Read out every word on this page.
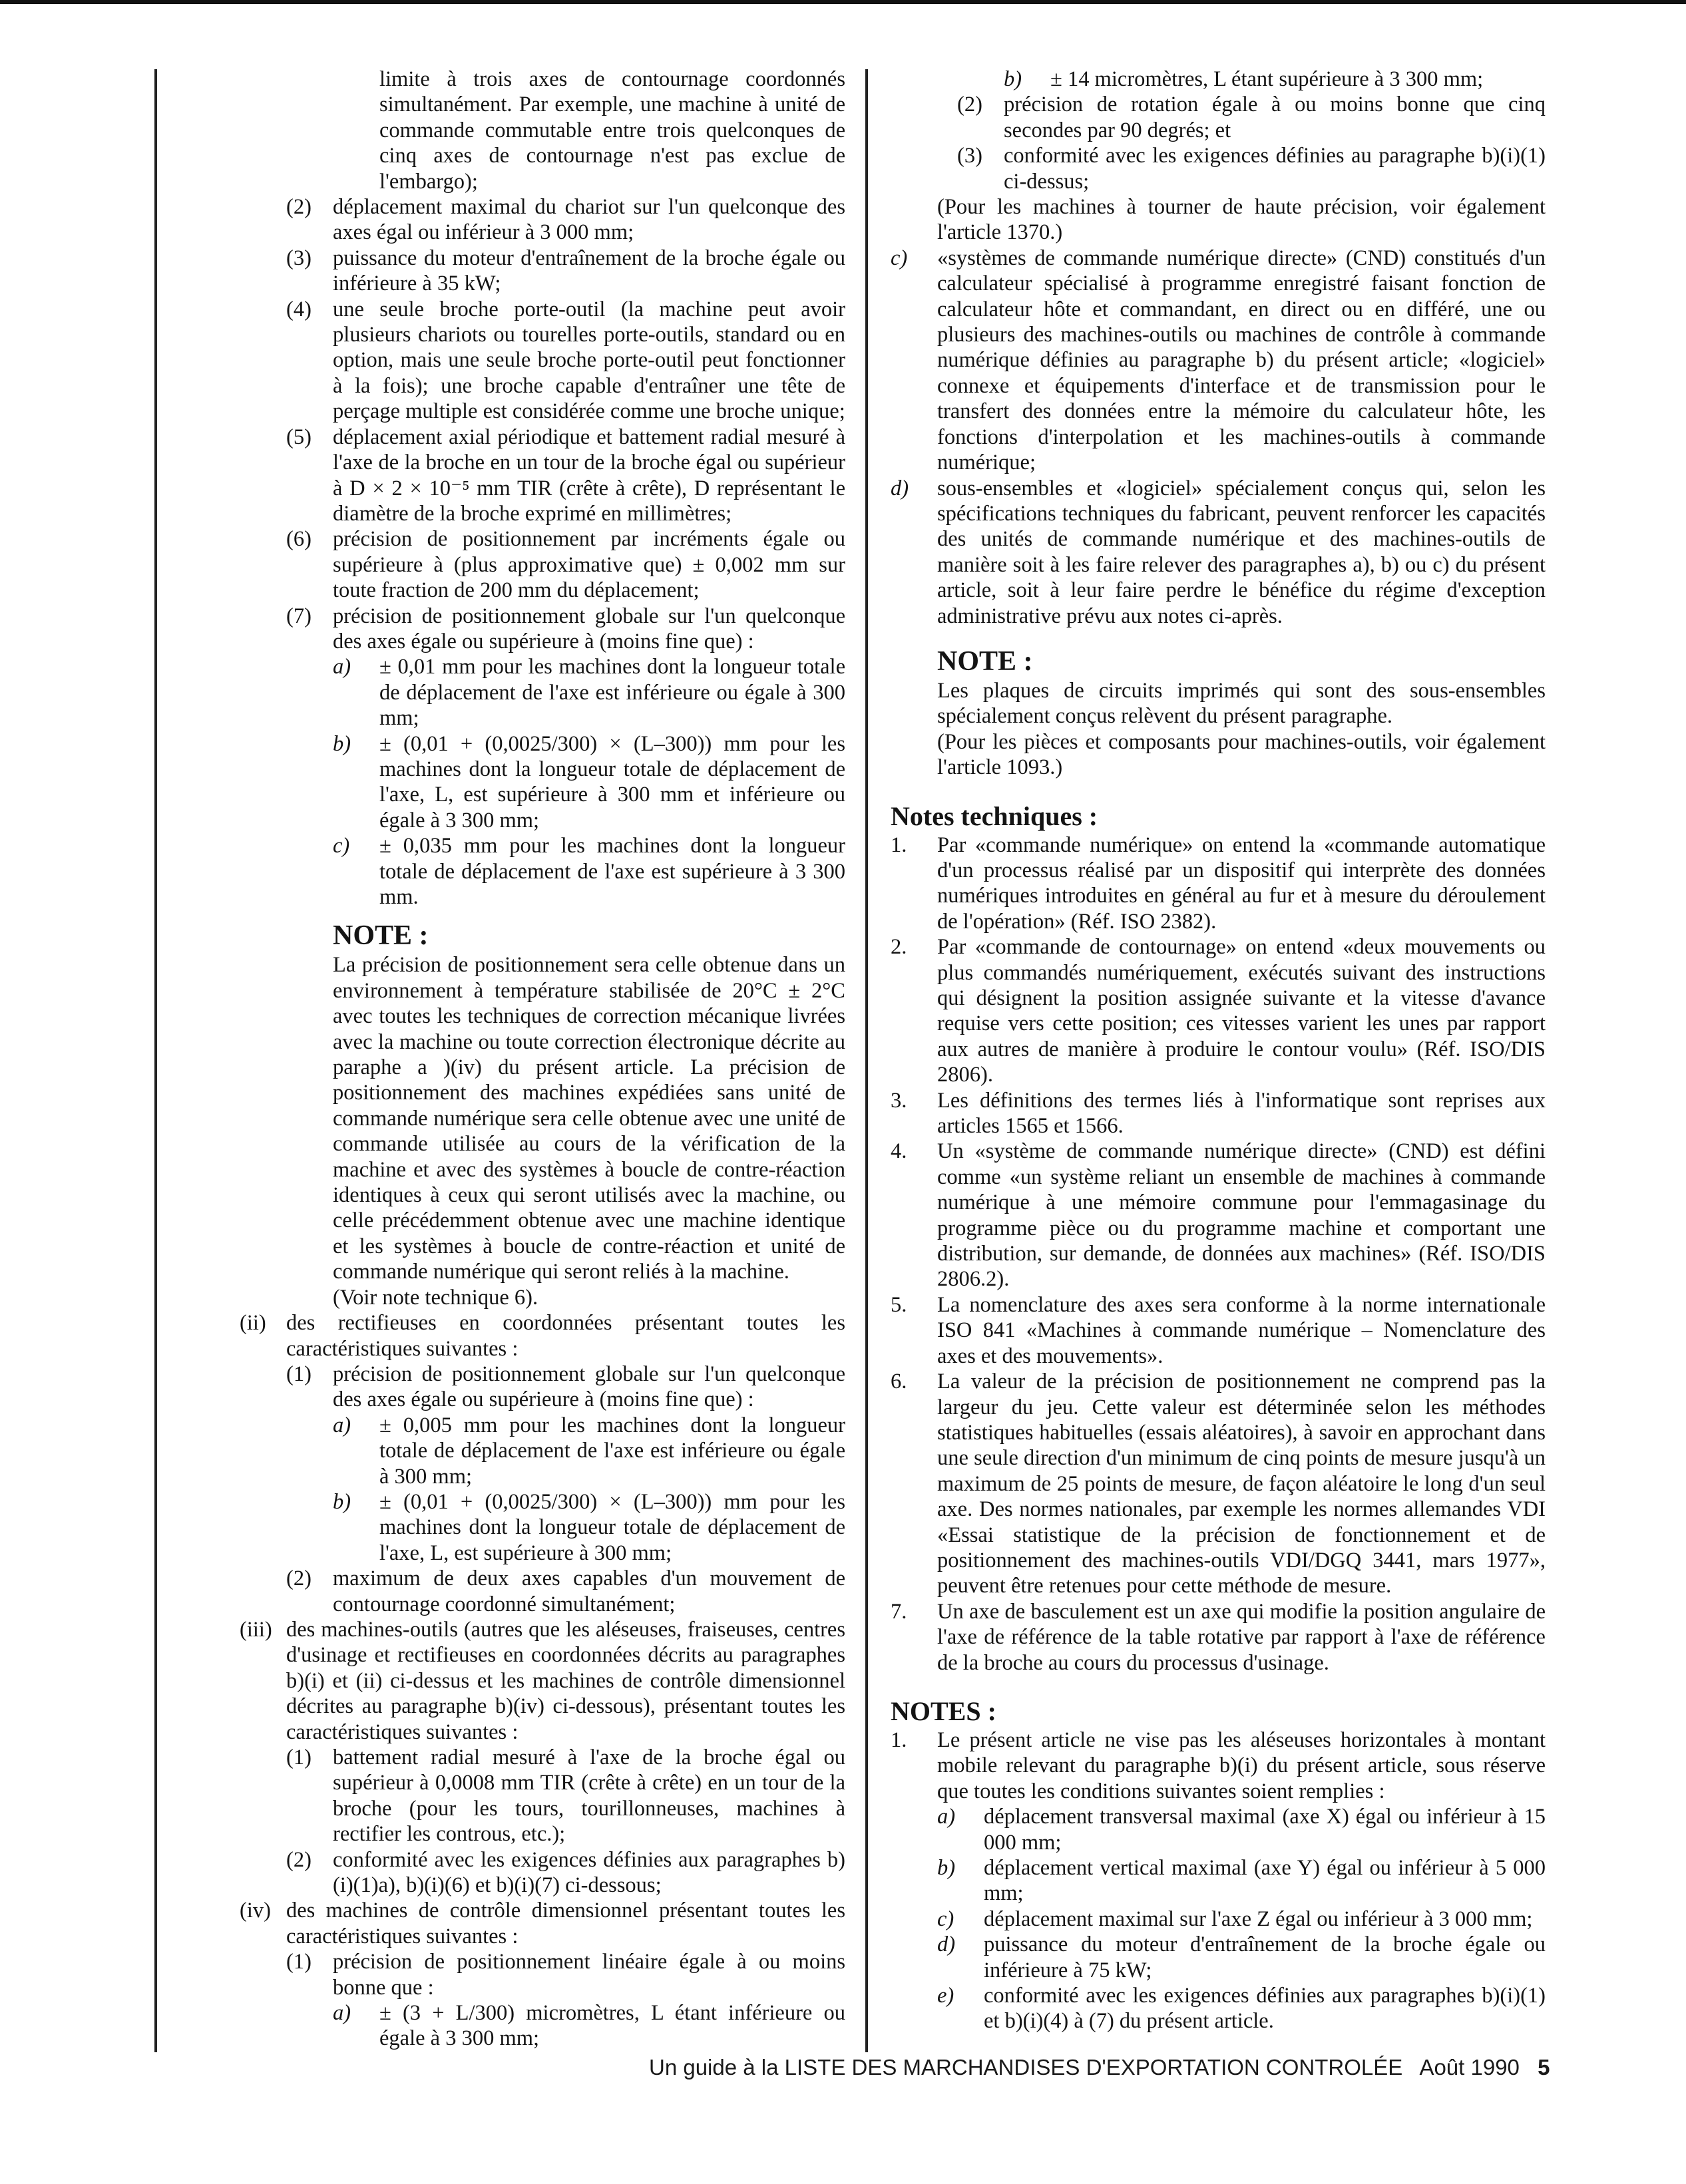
limite à trois axes de contournage coordonnés simultanément. Par exemple, une machine à unité de commande commutable entre trois quelconques de cinq axes de contournage n'est pas exclue de l'embargo);
(2) déplacement maximal du chariot sur l'un quelconque des axes égal ou inférieur à 3 000 mm;
(3) puissance du moteur d'entraînement de la broche égale ou inférieure à 35 kW;
(4) une seule broche porte-outil (la machine peut avoir plusieurs chariots ou tourelles porte-outils, standard ou en option, mais une seule broche porte-outil peut fonctionner à la fois); une broche capable d'entraîner une tête de perçage multiple est considérée comme une broche unique;
(5) déplacement axial périodique et battement radial mesuré à l'axe de la broche en un tour de la broche égal ou supérieur à D × 2 × 10⁻⁵ mm TIR (crête à crête), D représentant le diamètre de la broche exprimé en millimètres;
(6) précision de positionnement par incréments égale ou supérieure à (plus approximative que) ± 0,002 mm sur toute fraction de 200 mm du déplacement;
(7) précision de positionnement globale sur l'un quelconque des axes égale ou supérieure à (moins fine que) :
a) ± 0,01 mm pour les machines dont la longueur totale de déplacement de l'axe est inférieure ou égale à 300 mm;
b) ± (0,01 + (0,0025/300) × (L–300)) mm pour les machines dont la longueur totale de déplacement de l'axe, L, est supérieure à 300 mm et inférieure ou égale à 3 300 mm;
c) ± 0,035 mm pour les machines dont la longueur totale de déplacement de l'axe est supérieure à 3 300 mm.
NOTE :
La précision de positionnement sera celle obtenue dans un environnement à température stabilisée de 20°C ± 2°C avec toutes les techniques de correction mécanique livrées avec la machine ou toute correction électronique décrite au paraphe a )(iv) du présent article. La précision de positionnement des machines expédiées sans unité de commande numérique sera celle obtenue avec une unité de commande utilisée au cours de la vérification de la machine et avec des systèmes à boucle de contre-réaction identiques à ceux qui seront utilisés avec la machine, ou celle précédemment obtenue avec une machine identique et les systèmes à boucle de contre-réaction et unité de commande numérique qui seront reliés à la machine.
(Voir note technique 6).
(ii) des rectifieuses en coordonnées présentant toutes les caractéristiques suivantes :
(1) précision de positionnement globale sur l'un quelconque des axes égale ou supérieure à (moins fine que) :
a) ± 0,005 mm pour les machines dont la longueur totale de déplacement de l'axe est inférieure ou égale à 300 mm;
b) ± (0,01 + (0,0025/300) × (L–300)) mm pour les machines dont la longueur totale de déplacement de l'axe, L, est supérieure à 300 mm;
(2) maximum de deux axes capables d'un mouvement de contournage coordonné simultanément;
(iii) des machines-outils (autres que les aléseuses, fraiseuses, centres d'usinage et rectifieuses en coordonnées décrits au paragraphes b)(i) et (ii) ci-dessus et les machines de contrôle dimensionnel décrites au paragraphe b)(iv) ci-dessous), présentant toutes les caractéristiques suivantes :
(1) battement radial mesuré à l'axe de la broche égal ou supérieur à 0,0008 mm TIR (crête à crête) en un tour de la broche (pour les tours, tourillonneuses, machines à rectifier les controus, etc.);
(2) conformité avec les exigences définies aux paragraphes b)(i)(1)a), b)(i)(6) et b)(i)(7) ci-dessous;
(iv) des machines de contrôle dimensionnel présentant toutes les caractéristiques suivantes :
(1) précision de positionnement linéaire égale à ou moins bonne que :
a) ± (3 + L/300) micromètres, L étant inférieure ou égale à 3 300 mm;
b) ± 14 micromètres, L étant supérieure à 3 300 mm;
(2) précision de rotation égale à ou moins bonne que cinq secondes par 90 degrés; et
(3) conformité avec les exigences définies au paragraphe b)(i)(1) ci-dessus;
(Pour les machines à tourner de haute précision, voir également l'article 1370.)
c) «systèmes de commande numérique directe» (CND) constitués d'un calculateur spécialisé à programme enregistré faisant fonction de calculateur hôte et commandant, en direct ou en différé, une ou plusieurs des machines-outils ou machines de contrôle à commande numérique définies au paragraphe b) du présent article; «logiciel» connexe et équipements d'interface et de transmission pour le transfert des données entre la mémoire du calculateur hôte, les fonctions d'interpolation et les machines-outils à commande numérique;
d) sous-ensembles et «logiciel» spécialement conçus qui, selon les spécifications techniques du fabricant, peuvent renforcer les capacités des unités de commande numérique et des machines-outils de manière soit à les faire relever des paragraphes a), b) ou c) du présent article, soit à leur faire perdre le bénéfice du régime d'exception administrative prévu aux notes ci-après.
NOTE :
Les plaques de circuits imprimés qui sont des sous-ensembles spécialement conçus relèvent du présent paragraphe.
(Pour les pièces et composants pour machines-outils, voir également l'article 1093.)
Notes techniques :
1. Par «commande numérique» on entend la «commande automatique d'un processus réalisé par un dispositif qui interprète des données numériques introduites en général au fur et à mesure du déroulement de l'opération» (Réf. ISO 2382).
2. Par «commande de contournage» on entend «deux mouvements ou plus commandés numériquement, exécutés suivant des instructions qui désignent la position assignée suivante et la vitesse d'avance requise vers cette position; ces vitesses varient les unes par rapport aux autres de manière à produire le contour voulu» (Réf. ISO/DIS 2806).
3. Les définitions des termes liés à l'informatique sont reprises aux articles 1565 et 1566.
4. Un «système de commande numérique directe» (CND) est défini comme «un système reliant un ensemble de machines à commande numérique à une mémoire commune pour l'emmagasinage du programme pièce ou du programme machine et comportant une distribution, sur demande, de données aux machines» (Réf. ISO/DIS 2806.2).
5. La nomenclature des axes sera conforme à la norme internationale ISO 841 «Machines à commande numérique – Nomenclature des axes et des mouvements».
6. La valeur de la précision de positionnement ne comprend pas la largeur du jeu. Cette valeur est déterminée selon les méthodes statistiques habituelles (essais aléatoires), à savoir en approchant dans une seule direction d'un minimum de cinq points de mesure jusqu'à un maximum de 25 points de mesure, de façon aléatoire le long d'un seul axe. Des normes nationales, par exemple les normes allemandes VDI «Essai statistique de la précision de fonctionnement et de positionnement des machines-outils VDI/DGQ 3441, mars 1977», peuvent être retenues pour cette méthode de mesure.
7. Un axe de basculement est un axe qui modifie la position angulaire de l'axe de référence de la table rotative par rapport à l'axe de référence de la broche au cours du processus d'usinage.
NOTES :
1. Le présent article ne vise pas les aléseuses horizontales à montant mobile relevant du paragraphe b)(i) du présent article, sous réserve que toutes les conditions suivantes soient remplies :
a) déplacement transversal maximal (axe X) égal ou inférieur à 15 000 mm;
b) déplacement vertical maximal (axe Y) égal ou inférieur à 5 000 mm;
c) déplacement maximal sur l'axe Z égal ou inférieur à 3 000 mm;
d) puissance du moteur d'entraînement de la broche égale ou inférieure à 75 kW;
e) conformité avec les exigences définies aux paragraphes b)(i)(1) et b)(i)(4) à (7) du présent article.
Un guide à la LISTE DES MARCHANDISES D'EXPORTATION CONTROLÉE Août 1990 5
